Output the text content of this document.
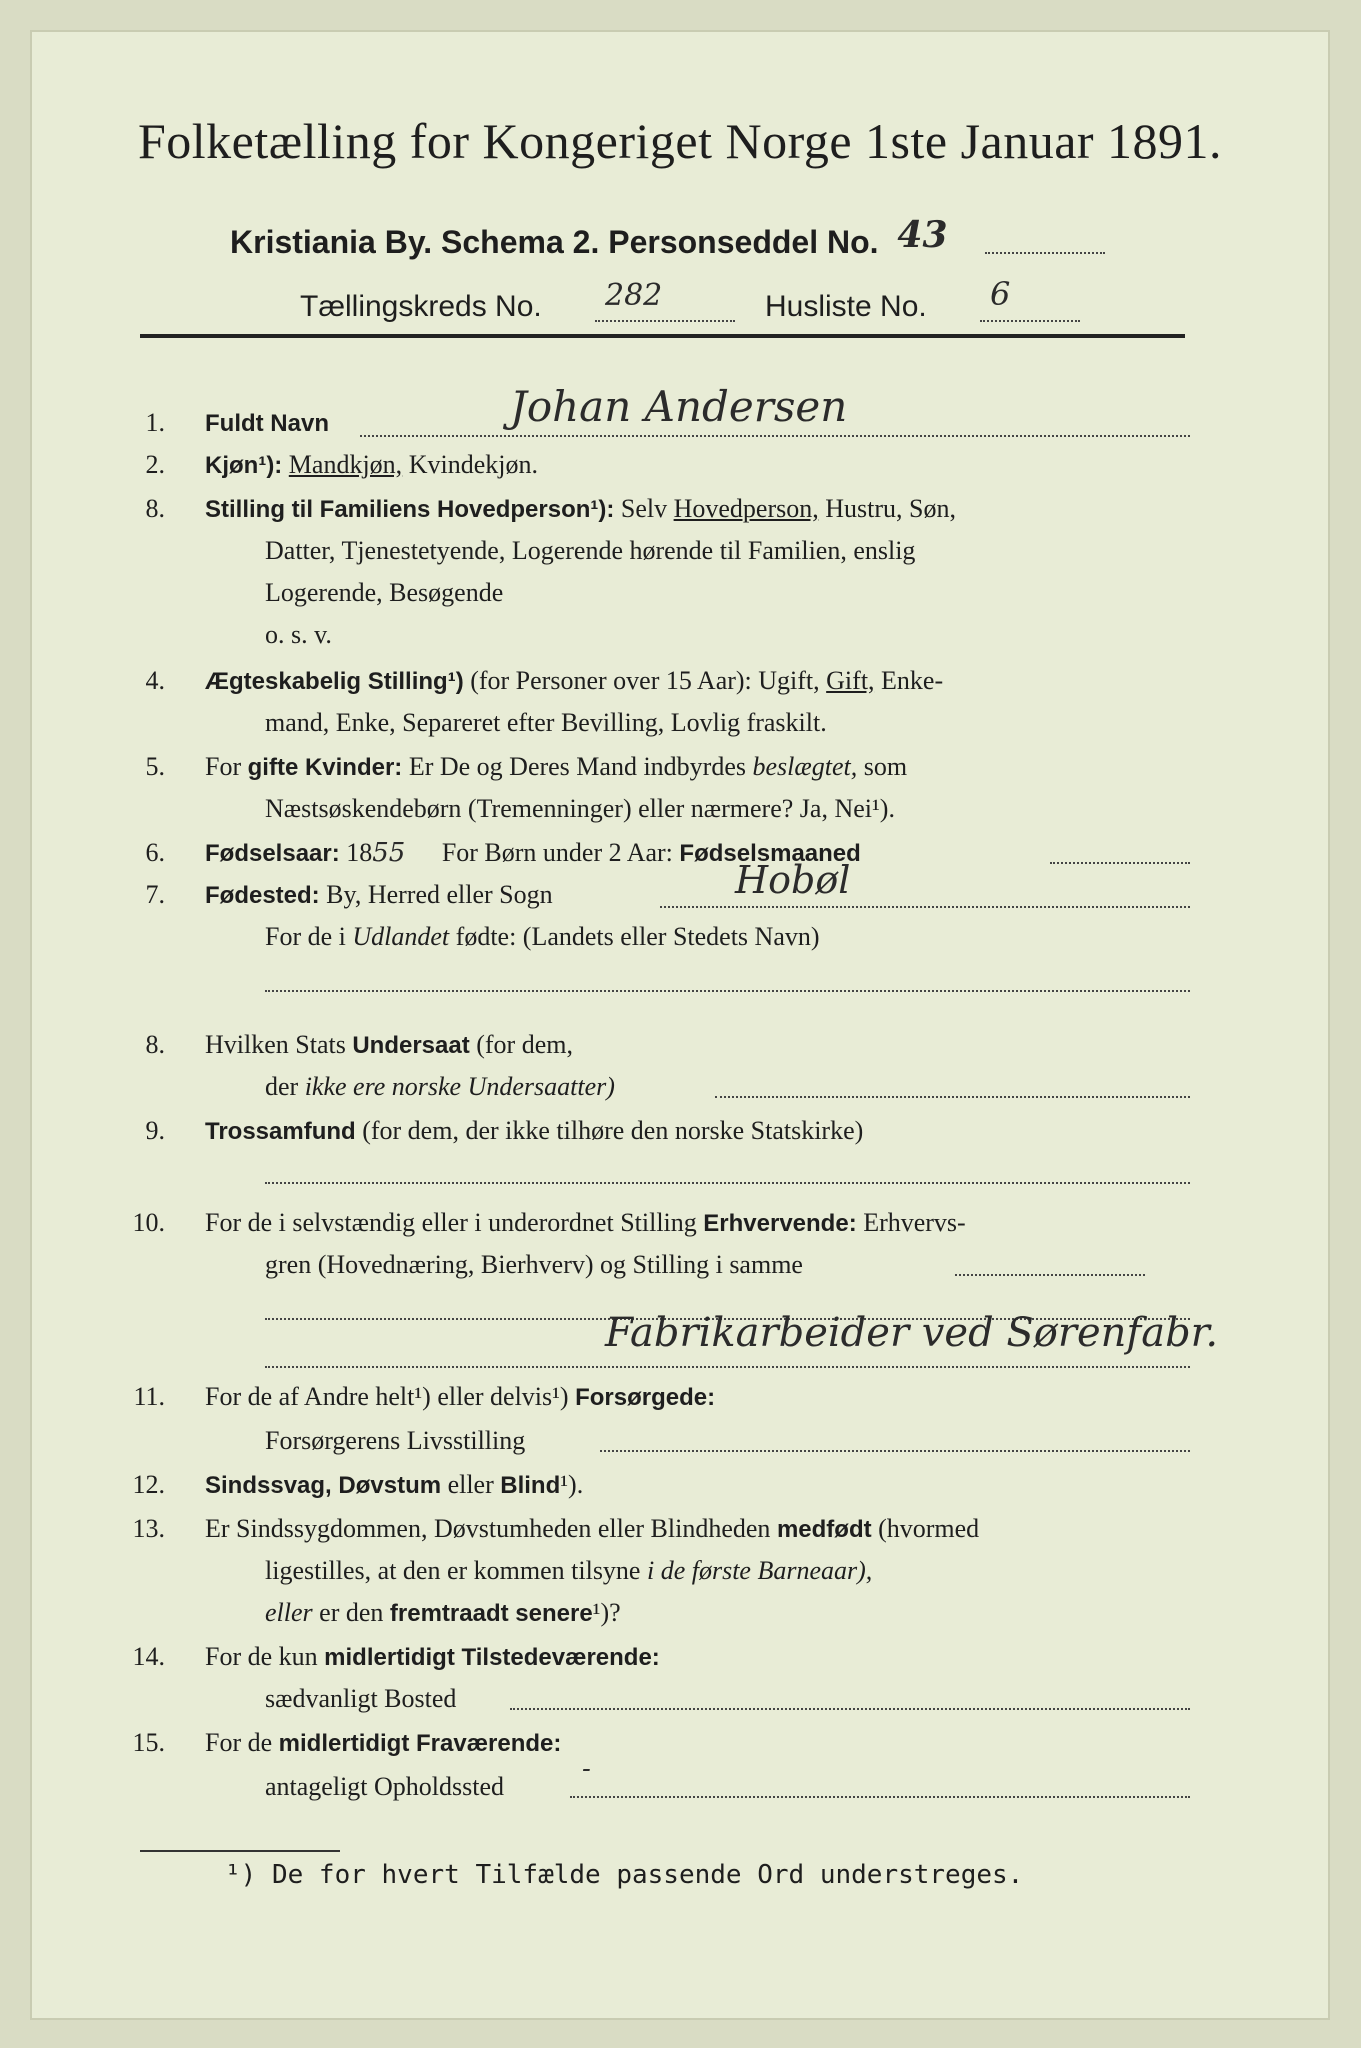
Folketælling for Kongeriget Norge 1ste Januar 1891.
Kristiania By. Schema 2. Personseddel No. 43
Tællingskreds No. 282	Husliste No. 6
1. Fuldt Navn	Johan Andersen
2. Kjøn¹): Mandkjøn, Kvindekjøn.
8. Stilling til Familiens Hovedperson¹): Selv Hovedperson, Hustru, Søn,
Datter, Tjenestetyende, Logerende hørende til Familien, enslig
Logerende, Besøgende
o. s. v.
4. Ægteskabelig Stilling¹) (for Personer over 15 Aar): Ugift, Gift, Enke-
mand, Enke, Separeret efter Bevilling, Lovlig fraskilt.
5. For gifte Kvinder: Er De og Deres Mand indbyrdes beslægtet, som
Næstsøskendebørn (Tremenninger) eller nærmere? Ja, Nei¹).
6. Fødselsaar: 1855 For Børn under 2 Aar: Fødselsmaaned
7. Fødested: By, Herred eller Sogn	Hobøl
For de i Udlandet fødte: (Landets eller Stedets Navn)
8. Hvilken Stats Undersaat (for dem,
der ikke ere norske Undersaatter)
9. Trossamfund (for dem, der ikke tilhøre den norske Statskirke)
10. For de i selvstændig eller i underordnet Stilling Erhvervende: Erhvervs-
gren (Hovednæring, Bierhverv) og Stilling i samme
Fabrikarbeider ved Sørenfabr.
11. For de af Andre helt¹) eller delvis¹) Forsørgede:
Forsørgerens Livsstilling
12. Sindssvag, Døvstum eller Blind¹).
13. Er Sindssygdommen, Døvstumheden eller Blindheden medfødt (hvormed
ligestilles, at den er kommen tilsyne i de første Barneaar),
eller er den fremtraadt senere¹)?
14. For de kun midlertidigt Tilstedeværende:
sædvanligt Bosted
15. For de midlertidigt Fraværende:
antageligt Opholdssted
-
¹) De for hvert Tilfælde passende Ord understreges.
